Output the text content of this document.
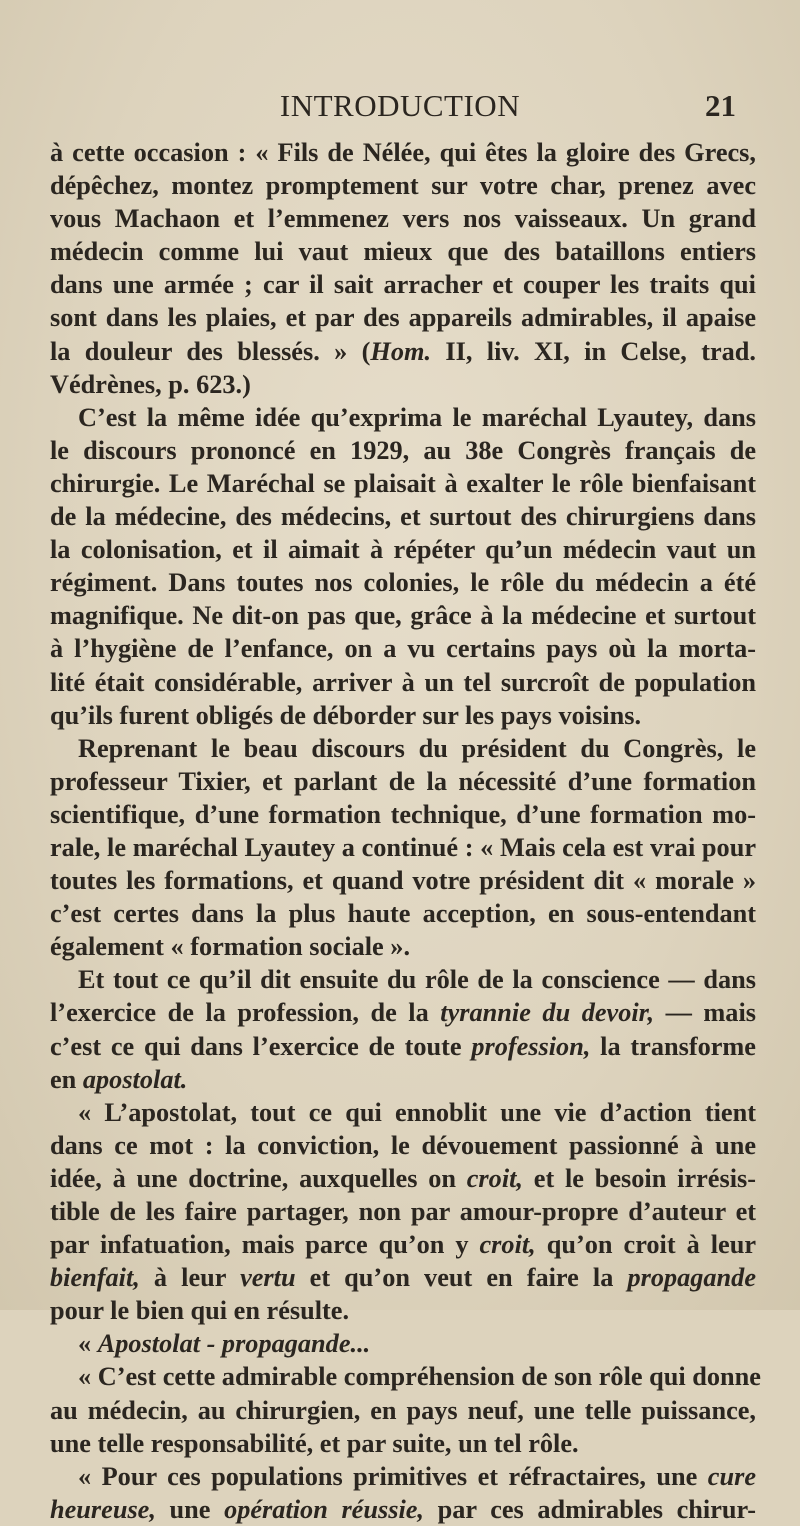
INTRODUCTION	21
à cette occasion : « Fils de Nélée, qui êtes la gloire des Grecs,
dépêchez, montez promptement sur votre char, prenez avec
vous Machaon et l’emmenez vers nos vaisseaux. Un grand
médecin comme lui vaut mieux que des bataillons entiers
dans une armée ; car il sait arracher et couper les traits qui
sont dans les plaies, et par des appareils admirables, il apaise
la douleur des blessés. » (Hom. II, liv. XI, in Celse, trad.
Védrènes, p. 623.)
C’est la même idée qu’exprima le maréchal Lyautey, dans
le discours prononcé en 1929, au 38e Congrès français de
chirurgie. Le Maréchal se plaisait à exalter le rôle bienfaisant
de la médecine, des médecins, et surtout des chirurgiens dans
la colonisation, et il aimait à répéter qu’un médecin vaut un
régiment. Dans toutes nos colonies, le rôle du médecin a été
magnifique. Ne dit-on pas que, grâce à la médecine et surtout
à l’hygiène de l’enfance, on a vu certains pays où la morta-
lité était considérable, arriver à un tel surcroît de population
qu’ils furent obligés de déborder sur les pays voisins.
Reprenant le beau discours du président du Congrès, le
professeur Tixier, et parlant de la nécessité d’une formation
scientifique, d’une formation technique, d’une formation mo-
rale, le maréchal Lyautey a continué : « Mais cela est vrai pour
toutes les formations, et quand votre président dit « morale »
c’est certes dans la plus haute acception, en sous-entendant
également « formation sociale ».
Et tout ce qu’il dit ensuite du rôle de la conscience — dans
l’exercice de la profession, de la tyrannie du devoir, — mais
c’est ce qui dans l’exercice de toute profession, la transforme
en apostolat.
« L’apostolat, tout ce qui ennoblit une vie d’action tient
dans ce mot : la conviction, le dévouement passionné à une
idée, à une doctrine, auxquelles on croit, et le besoin irrésis-
tible de les faire partager, non par amour-propre d’auteur et
par infatuation, mais parce qu’on y croit, qu’on croit à leur
bienfait, à leur vertu et qu’on veut en faire la propagande
pour le bien qui en résulte.
« Apostolat - propagande...
« C’est cette admirable compréhension de son rôle qui donne
au médecin, au chirurgien, en pays neuf, une telle puissance,
une telle responsabilité, et par suite, un tel rôle.
« Pour ces populations primitives et réfractaires, une cure
heureuse, une opération réussie, par ces admirables chirur-
